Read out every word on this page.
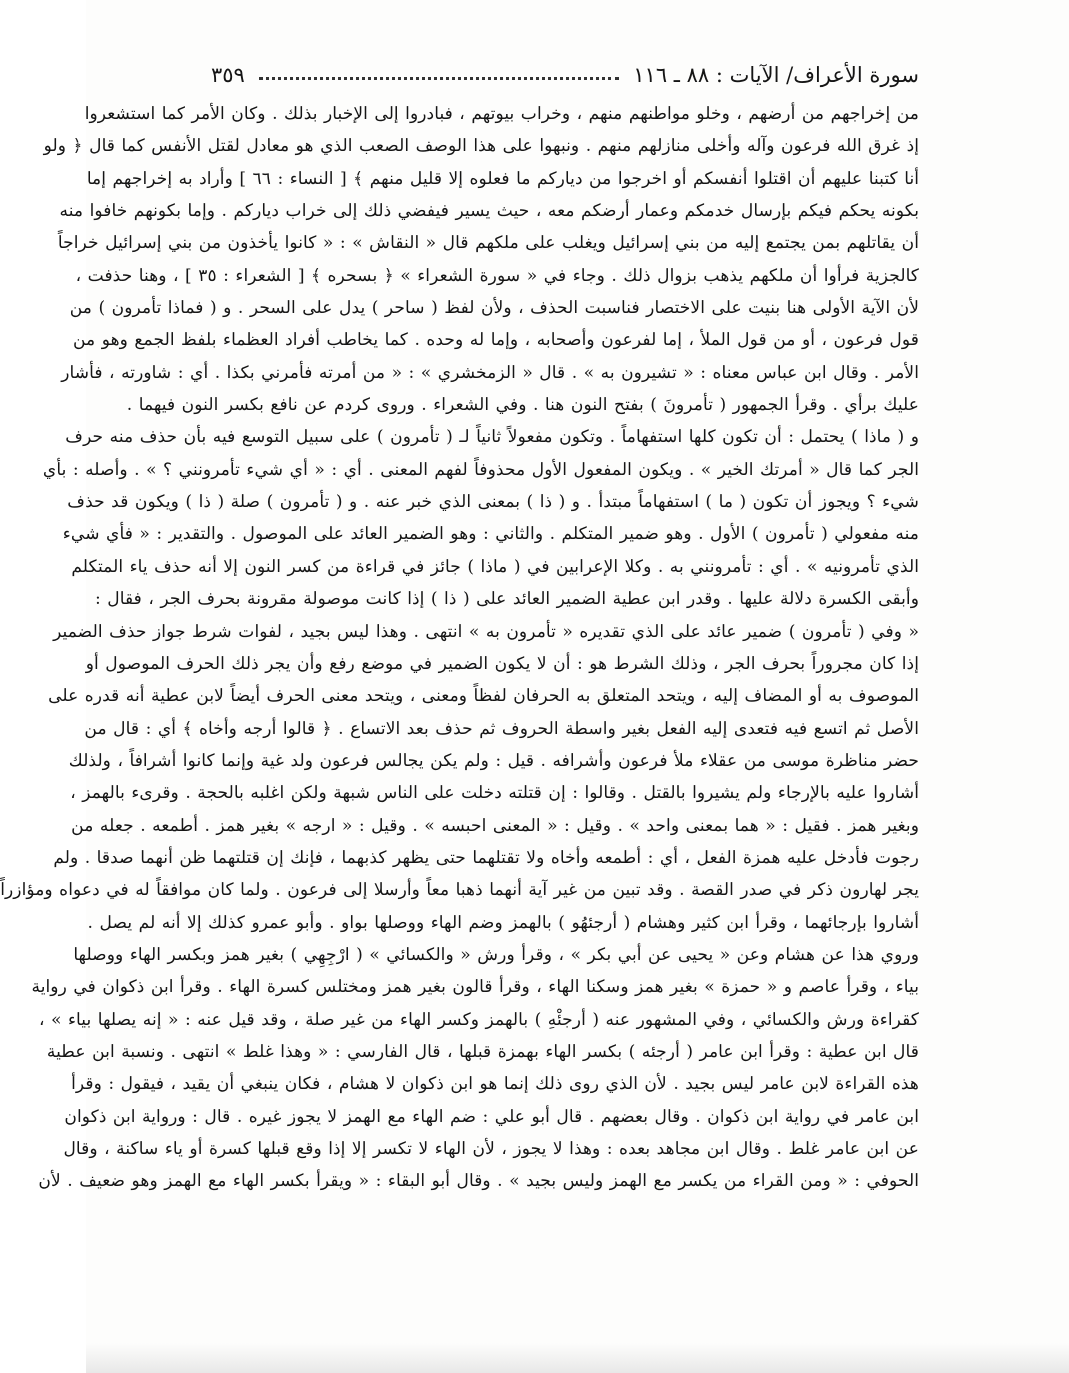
سورة الأعراف/ الآيات : ٨٨ ـ ١١٦
٣٥٩
من إخراجهم من أرضهم ، وخلو مواطنهم منهم ، وخراب بيوتهم ، فبادروا إلى الإخبار بذلك . وكان الأمر كما استشعروا
إذ غرق الله فرعون وآله وأخلى منازلهم منهم . ونبهوا على هذا الوصف الصعب الذي هو معادل لقتل الأنفس كما قال ﴿ ولو
أنا كتبنا عليهم أن اقتلوا أنفسكم أو اخرجوا من دياركم ما فعلوه إلا قليل منهم ﴾ [ النساء : ٦٦ ] وأراد به إخراجهم إما
بكونه يحكم فيكم بإرسال خدمكم وعمار أرضكم معه ، حيث يسير فيفضي ذلك إلى خراب دياركم . وإما بكونهم خافوا منه
أن يقاتلهم بمن يجتمع إليه من بني إسرائيل ويغلب على ملكهم قال « النقاش » : « كانوا يأخذون من بني إسرائيل خراجاً
كالجزية فرأوا أن ملكهم يذهب بزوال ذلك . وجاء في « سورة الشعراء » ﴿ بسحره ﴾ [ الشعراء : ٣٥ ] ، وهنا حذفت ،
لأن الآية الأولى هنا بنيت على الاختصار فناسبت الحذف ، ولأن لفظ ( ساحر ) يدل على السحر . و ( فماذا تأمرون ) من
قول فرعون ، أو من قول الملأ ، إما لفرعون وأصحابه ، وإما له وحده . كما يخاطب أفراد العظماء بلفظ الجمع وهو من
الأمر . وقال ابن عباس معناه : « تشيرون به » . قال « الزمخشري » : « من أمرته فأمرني بكذا . أي : شاورته ، فأشار
عليك برأي . وقرأ الجمهور ( تأمرونَ ) بفتح النون هنا . وفي الشعراء . وروى كردم عن نافع بكسر النون فيهما .
و ( ماذا ) يحتمل : أن تكون كلها استفهاماً . وتكون مفعولاً ثانياً لـ ( تأمرون ) على سبيل التوسع فيه بأن حذف منه حرف
الجر كما قال « أمرتك الخير » . ويكون المفعول الأول محذوفاً لفهم المعنى . أي : « أي شيء تأمرونني ؟ » . وأصله : بأي
شيء ؟ ويجوز أن تكون ( ما ) استفهاماً مبتدأ . و ( ذا ) بمعنى الذي خبر عنه . و ( تأمرون ) صلة ( ذا ) ويكون قد حذف
منه مفعولي ( تأمرون ) الأول . وهو ضمير المتكلم . والثاني : وهو الضمير العائد على الموصول . والتقدير : « فأي شيء
الذي تأمرونيه » . أي : تأمرونني به . وكلا الإعرابين في ( ماذا ) جائز في قراءة من كسر النون إلا أنه حذف ياء المتكلم
وأبقى الكسرة دلالة عليها . وقدر ابن عطية الضمير العائد على ( ذا ) إذا كانت موصولة مقرونة بحرف الجر ، فقال :
« وفي ( تأمرون ) ضمير عائد على الذي تقديره « تأمرون به » انتهى . وهذا ليس بجيد ، لفوات شرط جواز حذف الضمير
إذا كان مجروراً بحرف الجر ، وذلك الشرط هو : أن لا يكون الضمير في موضع رفع وأن يجر ذلك الحرف الموصول أو
الموصوف به أو المضاف إليه ، ويتحد المتعلق به الحرفان لفظاً ومعنى ، ويتحد معنى الحرف أيضاً لابن عطية أنه قدره على
الأصل ثم اتسع فيه فتعدى إليه الفعل بغير واسطة الحروف ثم حذف بعد الاتساع . ﴿ قالوا أرجه وأخاه ﴾ أي : قال من
حضر مناظرة موسى من عقلاء ملأ فرعون وأشرافه . قيل : ولم يكن يجالس فرعون ولد غية وإنما كانوا أشرافاً ، ولذلك
أشاروا عليه بالإرجاء ولم يشيروا بالقتل . وقالوا : إن قتلته دخلت على الناس شبهة ولكن اغلبه بالحجة . وقرىء بالهمز ،
وبغير همز . فقيل : « هما بمعنى واحد » . وقيل : « المعنى احبسه » . وقيل : « ارجه » بغير همز . أطمعه . جعله من
رجوت فأدخل عليه همزة الفعل ، أي : أطمعه وأخاه ولا تقتلهما حتى يظهر كذبهما ، فإنك إن قتلتهما ظن أنهما صدقا . ولم
يجر لهارون ذكر في صدر القصة . وقد تبين من غير آية أنهما ذهبا معاً وأرسلا إلى فرعون . ولما كان موافقاً له في دعواه ومؤازراً
أشاروا بإرجائهما ، وقرأ ابن كثير وهشام ( أرجئهُو ) بالهمز وضم الهاء ووصلها بواو . وأبو عمرو كذلك إلا أنه لم يصل .
وروي هذا عن هشام وعن « يحيى عن أبي بكر » ، وقرأ ورش « والكسائي » ( ارْجِهِي ) بغير همز وبكسر الهاء ووصلها
بياء ، وقرأ عاصم و « حمزة » بغير همز وسكنا الهاء ، وقرأ قالون بغير همز ومختلس كسرة الهاء . وقرأ ابن ذكوان في رواية
كقراءة ورش والكسائي ، وفي المشهور عنه ( أرجئْهِ ) بالهمز وكسر الهاء من غير صلة ، وقد قيل عنه : « إنه يصلها بياء » ،
قال ابن عطية : وقرأ ابن عامر ( أرجئه ) بكسر الهاء بهمزة قبلها ، قال الفارسي : « وهذا غلط » انتهى . ونسبة ابن عطية
هذه القراءة لابن عامر ليس بجيد . لأن الذي روى ذلك إنما هو ابن ذكوان لا هشام ، فكان ينبغي أن يقيد ، فيقول : وقرأ
ابن عامر في رواية ابن ذكوان . وقال بعضهم . قال أبو علي : ضم الهاء مع الهمز لا يجوز غيره . قال : ورواية ابن ذكوان
عن ابن عامر غلط . وقال ابن مجاهد بعده : وهذا لا يجوز ، لأن الهاء لا تكسر إلا إذا وقع قبلها كسرة أو ياء ساكنة ، وقال
الحوفي : « ومن القراء من يكسر مع الهمز وليس بجيد » . وقال أبو البقاء : « ويقرأ بكسر الهاء مع الهمز وهو ضعيف . لأن
